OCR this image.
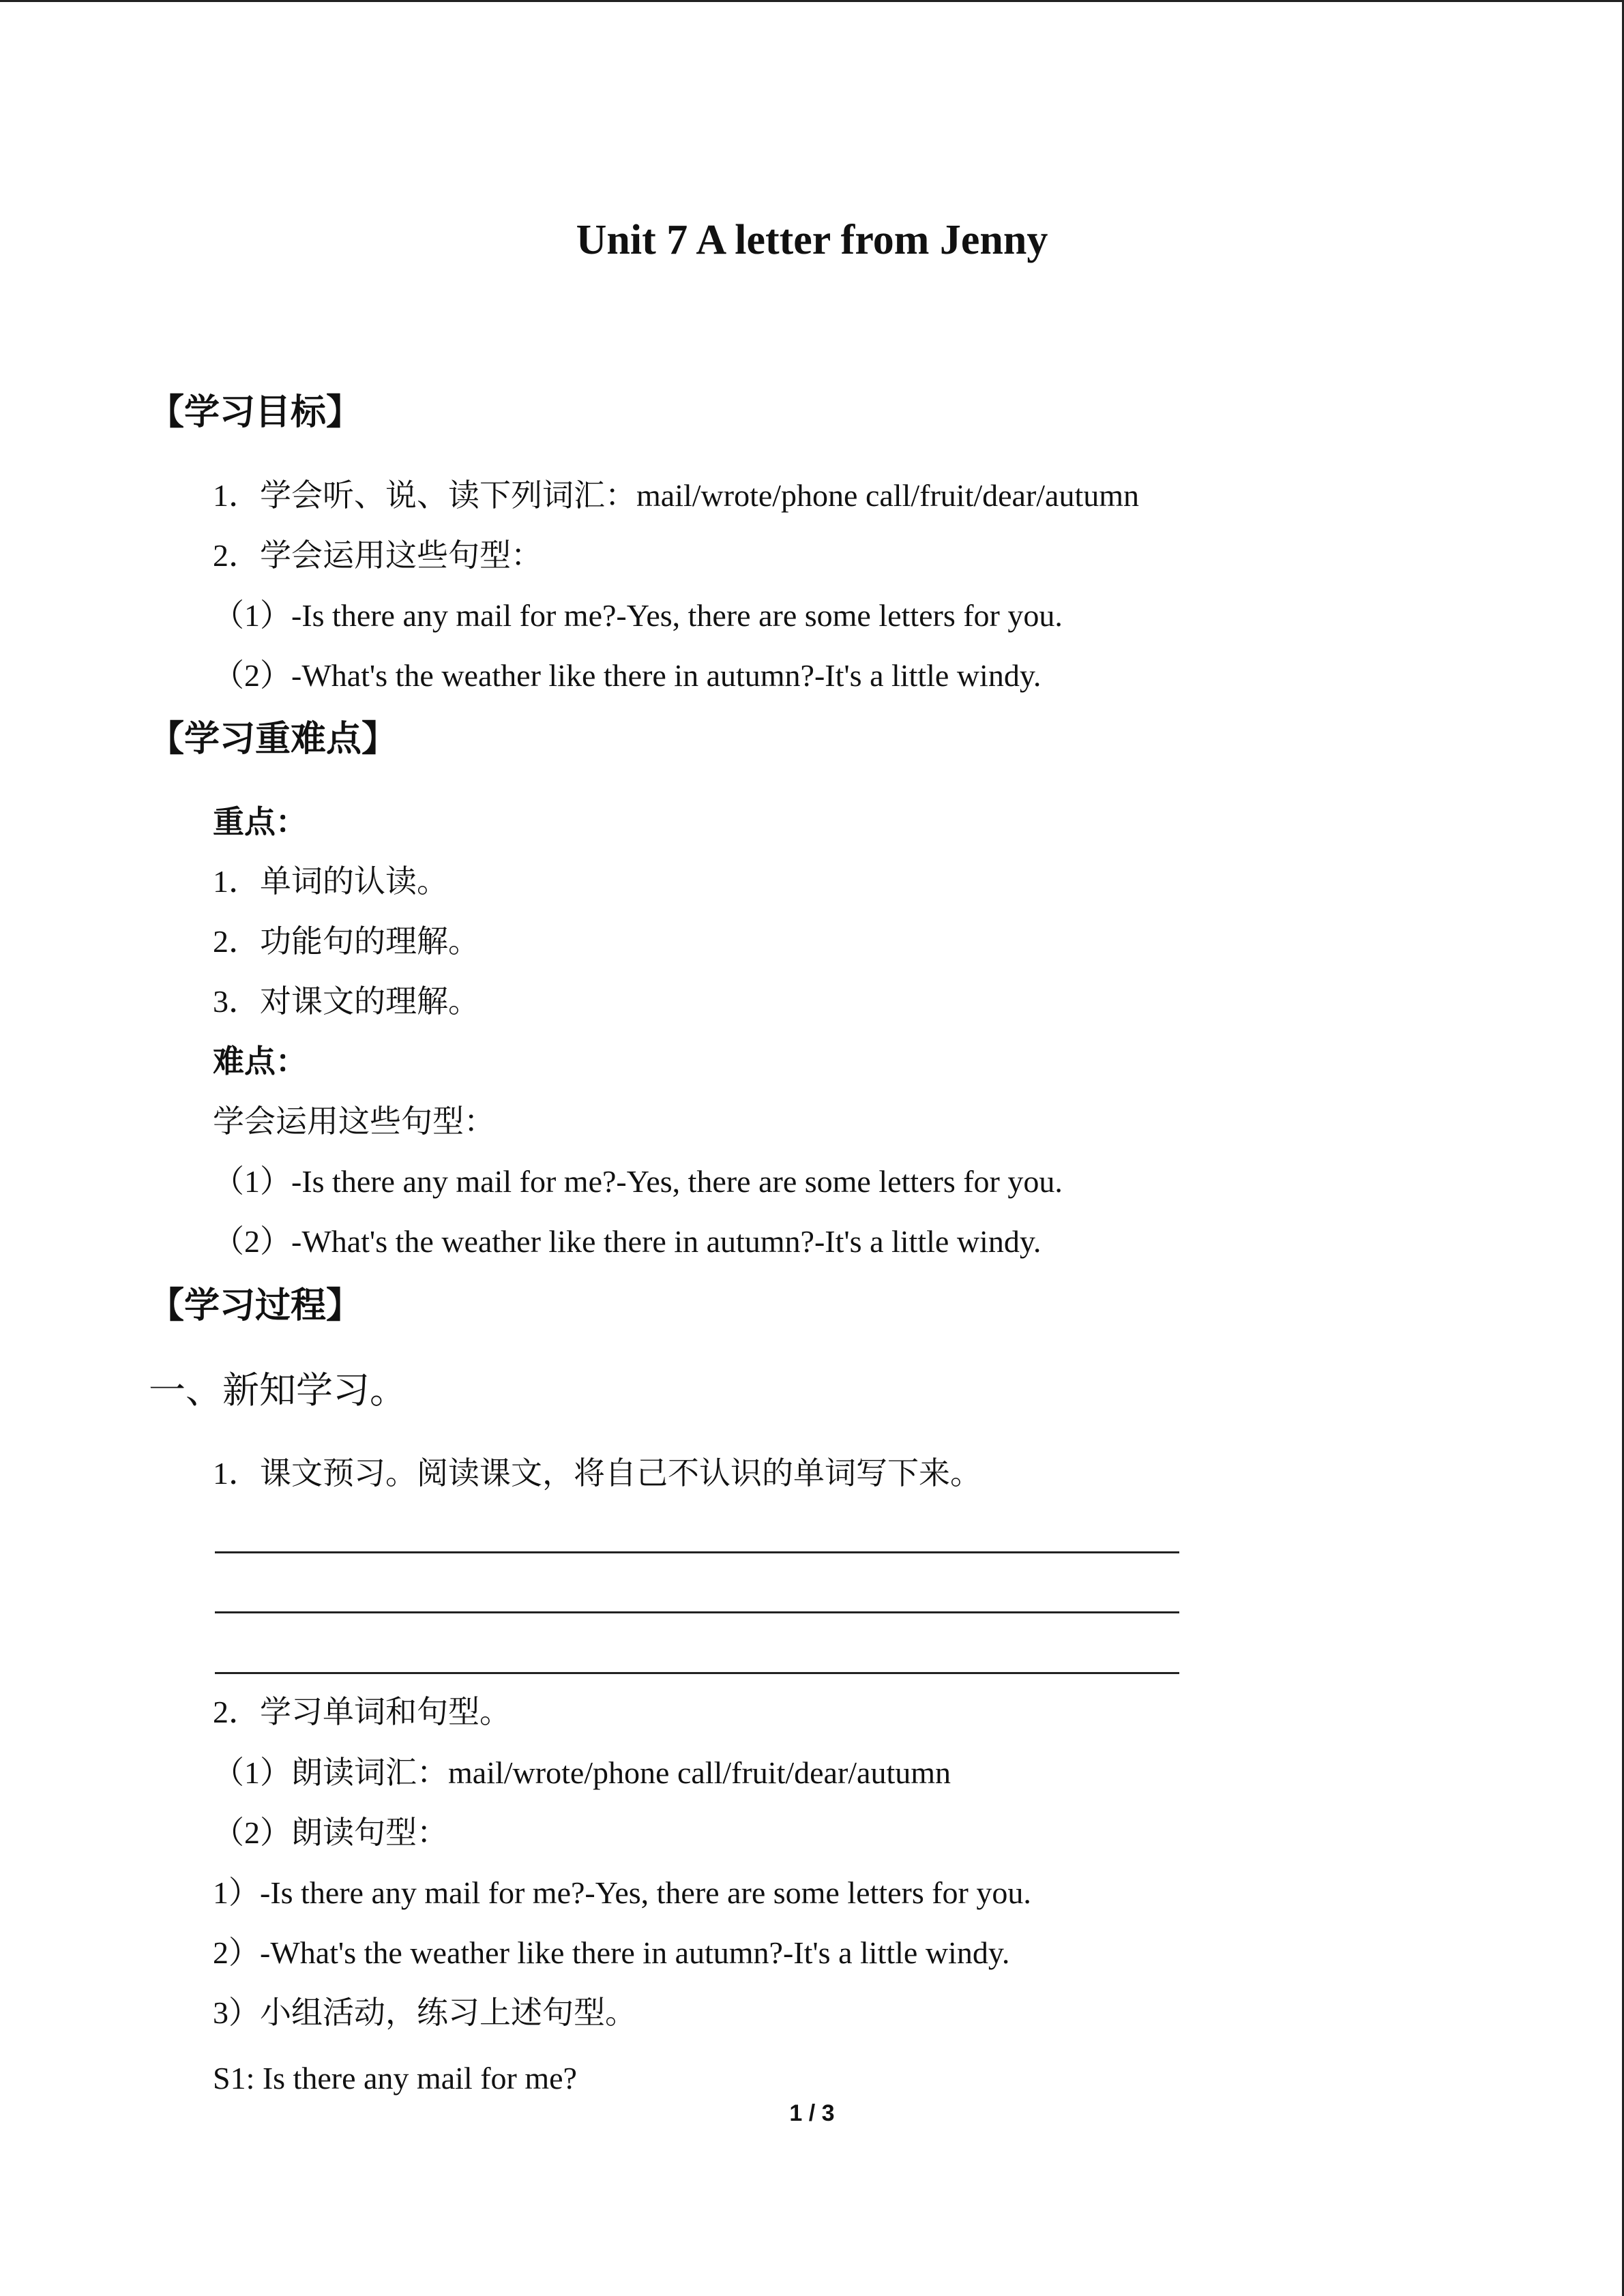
Unit 7 A letter from Jenny
【学习目标】
1．学会听、说、读下列词汇：mail/wrote/phone call/fruit/dear/autumn
2．学会运用这些句型：
（1）-Is there any mail for me?-Yes, there are some letters for you.
（2）-What's the weather like there in autumn?-It's a little windy.
【学习重难点】
重点：
1．单词的认读。
2．功能句的理解。
3．对课文的理解。
难点：
学会运用这些句型：
（1）-Is there any mail for me?-Yes, there are some letters for you.
（2）-What's the weather like there in autumn?-It's a little windy.
【学习过程】
一、新知学习。
1．课文预习。阅读课文，将自己不认识的单词写下来。
2．学习单词和句型。
（1）朗读词汇：mail/wrote/phone call/fruit/dear/autumn
（2）朗读句型：
1）-Is there any mail for me?-Yes, there are some letters for you.
2）-What's the weather like there in autumn?-It's a little windy.
3）小组活动，练习上述句型。
S1: Is there any mail for me?
1 / 3
